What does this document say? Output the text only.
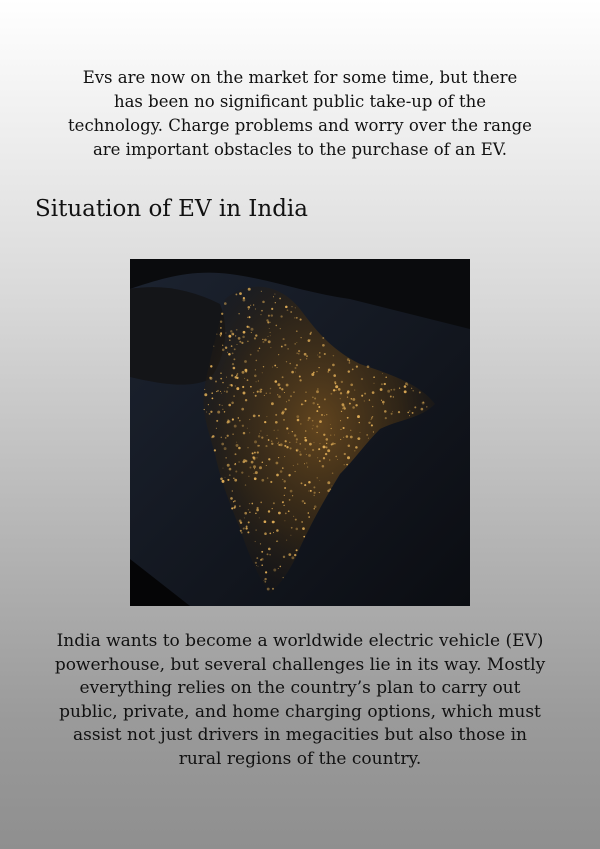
Evs are now on the market for some time, but there
has been no significant public take-up of the
technology. Charge problems and worry over the range
are important obstacles to the purchase of an EV.

Situation of EV in India

India wants to become a worldwide electric vehicle (EV)
powerhouse, but several challenges lie in its way. Mostly
everything relies on the country’s plan to carry out
public, private, and home charging options, which must
assist not just drivers in megacities but also those in
rural regions of the country.
